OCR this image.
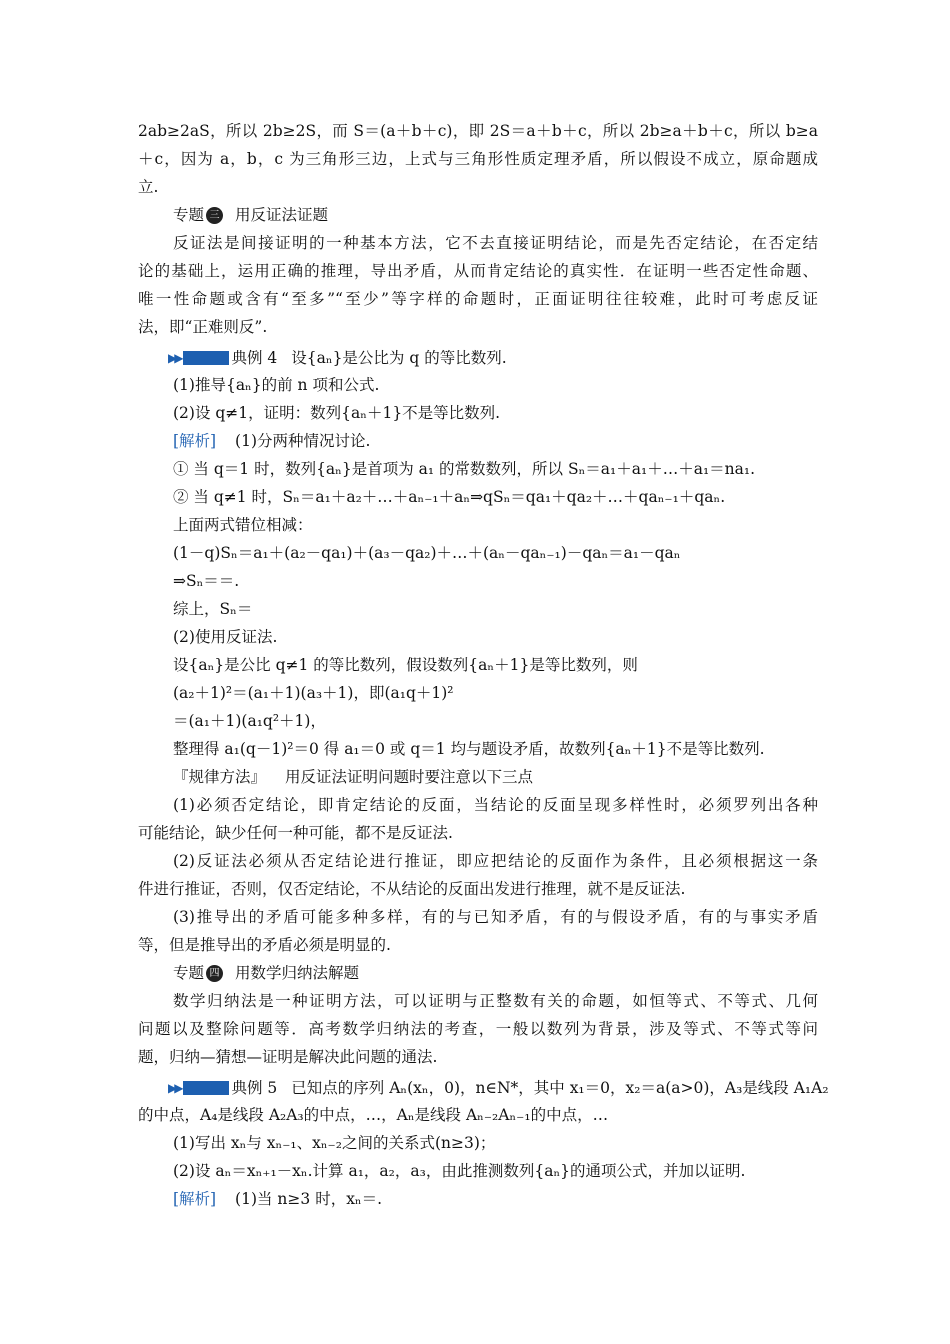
2ab≥2aS，所以 2b≥2S，而 S＝(a＋b＋c)，即 2S＝a＋b＋c，所以 2b≥a＋b＋c，所以 b≥a
＋c，因为 a，b，c 为三角形三边，上式与三角形性质定理矛盾，所以假设不成立，原命题成
立.
专题 三 用反证法证题
反证法是间接证明的一种基本方法，它不去直接证明结论，而是先否定结论，在否定结
论的基础上，运用正确的推理，导出矛盾，从而肯定结论的真实性．在证明一些否定性命题、
唯一性命题或含有“至多”“至少”等字样的命题时，正面证明往往较难，此时可考虑反证
法，即“正难则反”.
▶▶	典例 4 设{aₙ}是公比为 q 的等比数列.
(1)推导{aₙ}的前 n 项和公式.
(2)设 q≠1，证明：数列{aₙ＋1}不是等比数列.
[解析] (1)分两种情况讨论.
① 当 q＝1 时，数列{aₙ}是首项为 a₁ 的常数数列，所以 Sₙ＝a₁＋a₁＋…＋a₁＝na₁.
② 当 q≠1 时，Sₙ＝a₁＋a₂＋…＋aₙ₋₁＋aₙ⇒qSₙ＝qa₁＋qa₂＋…＋qaₙ₋₁＋qaₙ.
上面两式错位相减：
(1－q)Sₙ＝a₁＋(a₂－qa₁)＋(a₃－qa₂)＋…＋(aₙ－qaₙ₋₁)－qaₙ＝a₁－qaₙ
⇒Sₙ＝＝.
综上，Sₙ＝
(2)使用反证法.
设{aₙ}是公比 q≠1 的等比数列，假设数列{aₙ＋1}是等比数列，则
(a₂＋1)²＝(a₁＋1)(a₃＋1)，即(a₁q＋1)²
＝(a₁＋1)(a₁q²＋1)，
整理得 a₁(q－1)²＝0 得 a₁＝0 或 q＝1 均与题设矛盾，故数列{aₙ＋1}不是等比数列.
『规律方法』 用反证法证明问题时要注意以下三点
(1)必须否定结论，即肯定结论的反面，当结论的反面呈现多样性时，必须罗列出各种
可能结论，缺少任何一种可能，都不是反证法.
(2)反证法必须从否定结论进行推证，即应把结论的反面作为条件，且必须根据这一条
件进行推证，否则，仅否定结论，不从结论的反面出发进行推理，就不是反证法.
(3)推导出的矛盾可能多种多样，有的与已知矛盾，有的与假设矛盾，有的与事实矛盾
等，但是推导出的矛盾必须是明显的.
专题 四 用数学归纳法解题
数学归纳法是一种证明方法，可以证明与正整数有关的命题，如恒等式、不等式、几何
问题以及整除问题等．高考数学归纳法的考查，一般以数列为背景，涉及等式、不等式等问
题，归纳—猜想—证明是解决此问题的通法.
▶▶	典例 5 已知点的序列 Aₙ(xₙ，0)，n∈N*，其中 x₁＝0，x₂＝a(a>0)，A₃是线段 A₁A₂
的中点，A₄是线段 A₂A₃的中点，…，Aₙ是线段 Aₙ₋₂Aₙ₋₁的中点，…
(1)写出 xₙ与 xₙ₋₁、xₙ₋₂之间的关系式(n≥3)；
(2)设 aₙ＝xₙ₊₁－xₙ.计算 a₁，a₂，a₃，由此推测数列{aₙ}的通项公式，并加以证明.
[解析] (1)当 n≥3 时，xₙ＝.
